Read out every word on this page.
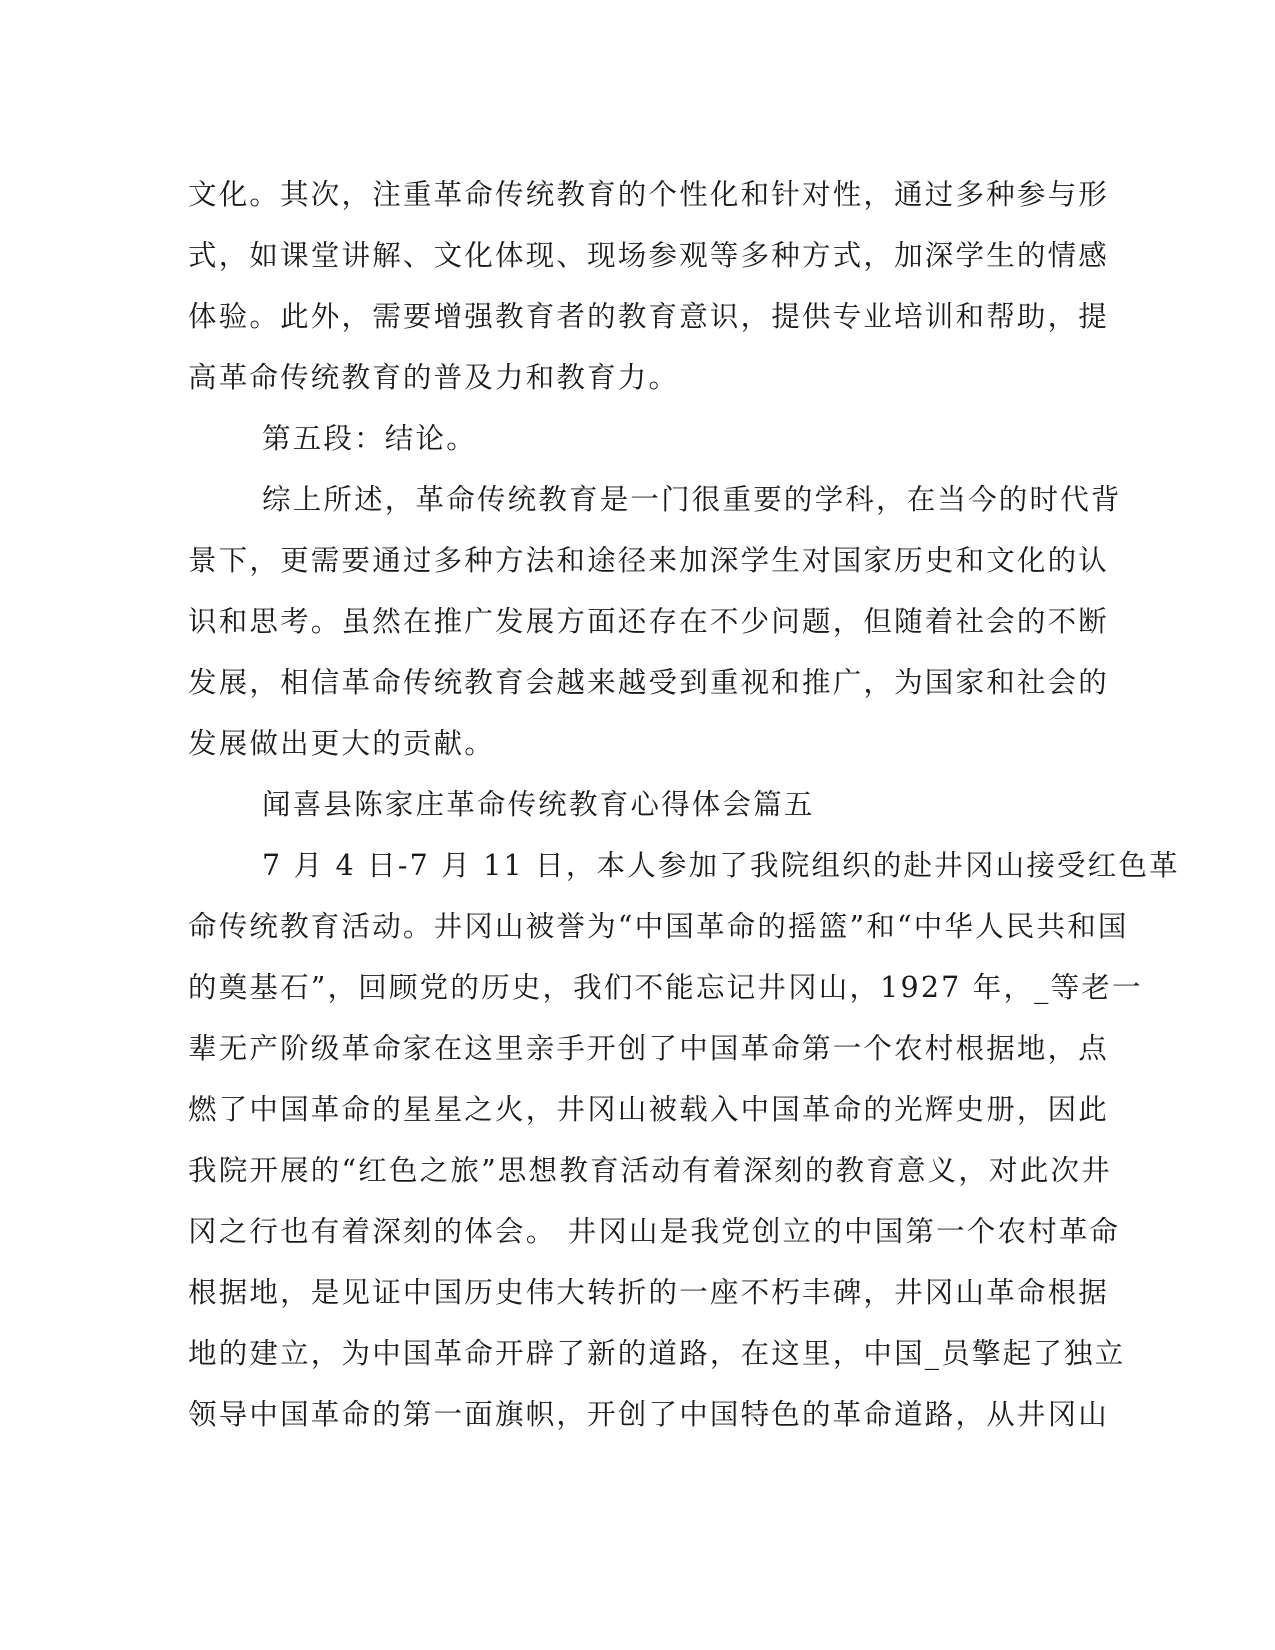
文化。其次，注重革命传统教育的个性化和针对性，通过多种参与形
式，如课堂讲解、文化体现、现场参观等多种方式，加深学生的情感
体验。此外，需要增强教育者的教育意识，提供专业培训和帮助，提
高革命传统教育的普及力和教育力。
第五段：结论。
综上所述，革命传统教育是一门很重要的学科，在当今的时代背
景下，更需要通过多种方法和途径来加深学生对国家历史和文化的认
识和思考。虽然在推广发展方面还存在不少问题，但随着社会的不断
发展，相信革命传统教育会越来越受到重视和推广，为国家和社会的
发展做出更大的贡献。
闻喜县陈家庄革命传统教育心得体会篇五
7 月 4 日-7 月 11 日，本人参加了我院组织的赴井冈山接受红色革
命传统教育活动。井冈山被誉为“中国革命的摇篮”和“中华人民共和国
的奠基石”，回顾党的历史，我们不能忘记井冈山，1927 年，_等老一
辈无产阶级革命家在这里亲手开创了中国革命第一个农村根据地，点
燃了中国革命的星星之火，井冈山被载入中国革命的光辉史册，因此
我院开展的“红色之旅”思想教育活动有着深刻的教育意义，对此次井
冈之行也有着深刻的体会。 井冈山是我党创立的中国第一个农村革命
根据地，是见证中国历史伟大转折的一座不朽丰碑，井冈山革命根据
地的建立，为中国革命开辟了新的道路，在这里，中国_员擎起了独立
领导中国革命的第一面旗帜，开创了中国特色的革命道路，从井冈山
